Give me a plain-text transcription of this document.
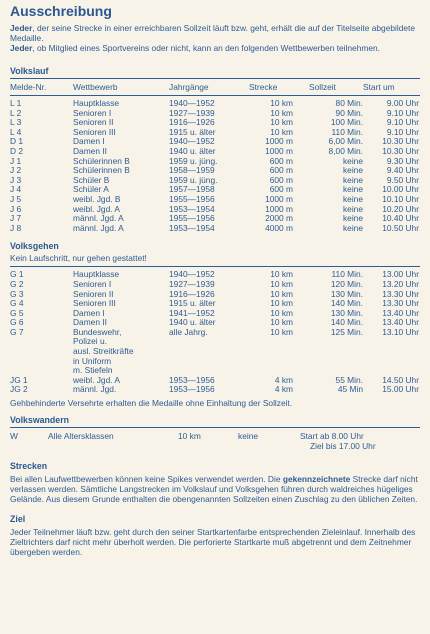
Ausschreibung

Jeder, der seine Strecke in einer erreichbaren Sollzeit läuft bzw. geht, erhält die auf der Titelseite abgebildete Medaille.

Jeder, ob Mitglied eines Sportvereins oder nicht, kann an den folgenden Wettbewerben teilnehmen.

Volkslauf
Melde-Nr.	Wettbewerb	Jahrgänge	Strecke	Sollzeit	Start um
L 1	Hauptklasse	1940—1952	10 km	80 Min.	9.00 Uhr
L 2	Senioren I	1927—1939	10 km	90 Min.	9.10 Uhr
L 3	Senioren II	1916—1926	10 km	100 Min.	9.10 Uhr
L 4	Senioren III	1915 u. älter	10 km	110 Min.	9.10 Uhr
D 1	Damen I	1940—1952	1000 m	6,00 Min.	10.30 Uhr
D 2	Damen II	1940 u. älter	1000 m	8,00 Min.	10.30 Uhr
J 1	Schülerinnen B	1959 u. jüng.	600 m	keine	9.30 Uhr
J 2	Schülerinnen B	1958—1959	600 m	keine	9.40 Uhr
J 3	Schüler B	1959 u. jüng.	600 m	keine	9.50 Uhr
J 4	Schüler A	1957—1958	600 m	keine	10.00 Uhr
J 5	weibl. Jgd. B	1955—1956	1000 m	keine	10.10 Uhr
J 6	weibl. Jgd. A	1953—1954	1000 m	keine	10.20 Uhr
J 7	männl. Jgd. A	1955—1956	2000 m	keine	10.40 Uhr
J 8	männl. Jgd. A	1953—1954	4000 m	keine	10.50 Uhr
Volksgehen
Kein Laufschritt, nur gehen gestattet!
G 1	Hauptklasse	1940—1952	10 km	110 Min.	13.00 Uhr
G 2	Senioren I	1927—1939	10 km	120 Min.	13.20 Uhr
G 3	Senioren II	1916—1926	10 km	130 Min.	13.30 Uhr
G 4	Senioren III	1915 u. älter	10 km	140 Min.	13.30 Uhr
G 5	Damen I	1941—1952	10 km	130 Min.	13.40 Uhr
G 6	Damen II	1940 u. älter	10 km	140 Min.	13.40 Uhr
G 7	Bundeswehr,	alle Jahrg.	10 km	125 Min.	13.10 Uhr
Polizei u.
ausl. Streitkräfte
in Uniform
m. Stiefeln
JG 1	weibl. Jgd. A	1953—1956	4 km	55 Min.	14.50 Uhr
JG 2	männl. Jgd.	1953—1956	4 km	45 Min	15.00 Uhr
Gehbehinderte Versehrte erhalten die Medaille ohne Einhaltung der Sollzeit.
Volkswandern
W	Alle Altersklassen	10 km	keine	Start ab 8.00 Uhr
Ziel bis 17.00 Uhr
Strecken

Bei allen Laufwettbewerben können keine Spikes verwendet werden. Die gekennzeichnete Strecke darf nicht verlassen werden. Sämtliche Langstrecken im Volkslauf und Volksgehen führen durch waldreiches hügeliges Gelände. Aus diesem Grunde enthalten die obengenannten Sollzeiten einen Zuschlag zu den üblichen Zeiten.

Ziel

Jeder Teilnehmer läuft bzw. geht durch den seiner Startkartenfarbe entsprechenden Zieleinlauf. Innerhalb des Zieltrichters darf nicht mehr überholt werden. Die perforierte Startkarte muß abgetrennt und dem Zeitnehmer übergeben werden.
